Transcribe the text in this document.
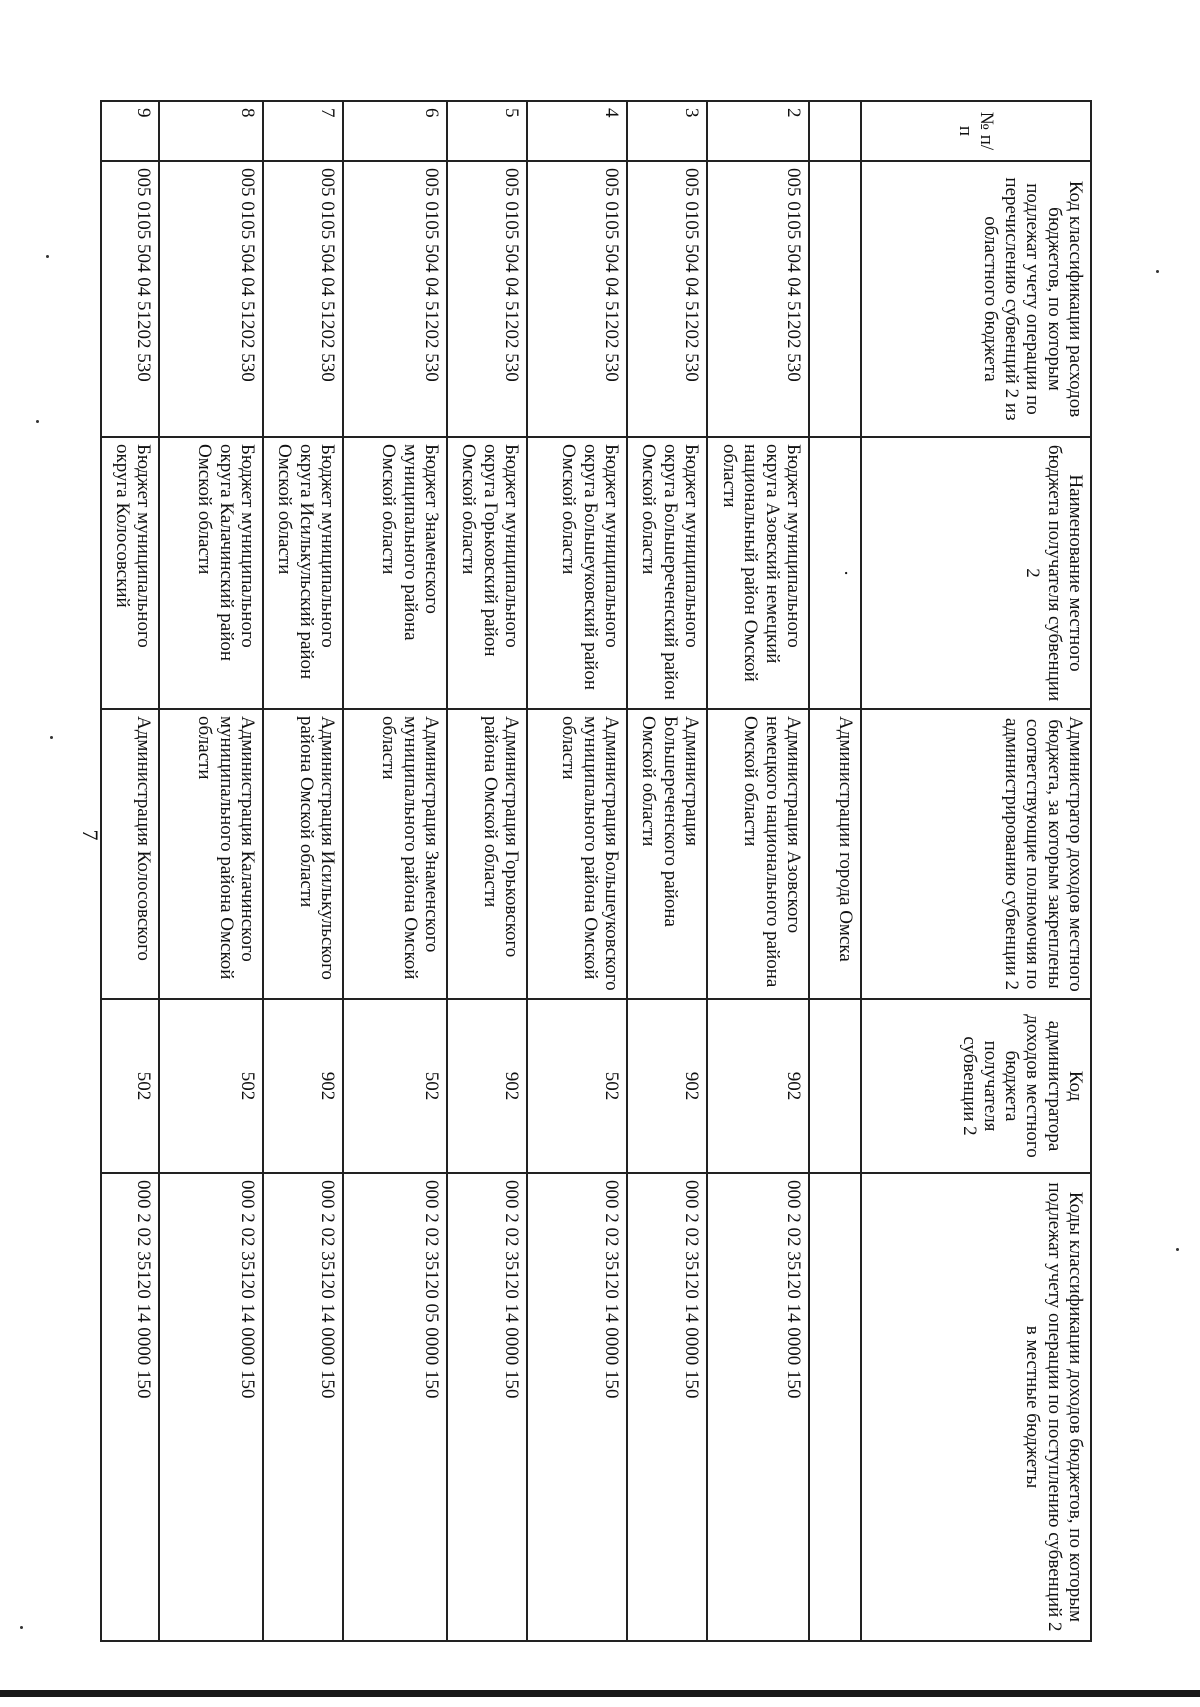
7
№ п/п	Код классификации расходов бюджетов, по которым подлежат учету операции по перечислению субвенций 2 из областного бюджета	Наименование местного бюджета получателя субвенции 2	Администратор доходов местного бюджета, за которым закреплены соответствующие полномочия по администрированию субвенции 2	Код администратора доходов местного бюджета получателя субвенции 2	Коды классификации доходов бюджетов, по которым подлежат учету операции по поступлению субвенций 2 в местные бюджеты
		·	Администрации города Омска		
2	005 0105 504 04 51202 530	Бюджет муниципального округа Азовский немецкий национальный район Омской области	Администрация Азовского немецкого национального района Омской области	902	000 2 02 35120 14 0000 150
3	005 0105 504 04 51202 530	Бюджет муниципального округа Большереченский район Омской области	Администрация Большереченского района Омской области	902	000 2 02 35120 14 0000 150
4	005 0105 504 04 51202 530	Бюджет муниципального округа Большеуковский район Омской области	Администрация Большеуковского муниципального района Омской области	502	000 2 02 35120 14 0000 150
5	005 0105 504 04 51202 530	Бюджет муниципального округа Горьковский район Омской области	Администрация Горьковского района Омской области	902	000 2 02 35120 14 0000 150
6	005 0105 504 04 51202 530	Бюджет Знаменского муниципального района Омской области	Администрация Знаменского муниципального района Омской области	502	000 2 02 35120 05 0000 150
7	005 0105 504 04 51202 530	Бюджет муниципального округа Исилькульский район Омской области	Администрация Исилькульского района Омской области	902	000 2 02 35120 14 0000 150
8	005 0105 504 04 51202 530	Бюджет муниципального округа Калачинский район Омской области	Администрация Калачинского муниципального района Омской области	502	000 2 02 35120 14 0000 150
9	005 0105 504 04 51202 530	Бюджет муниципального округа Колосовский	Администрация Колосовского	502	000 2 02 35120 14 0000 150
